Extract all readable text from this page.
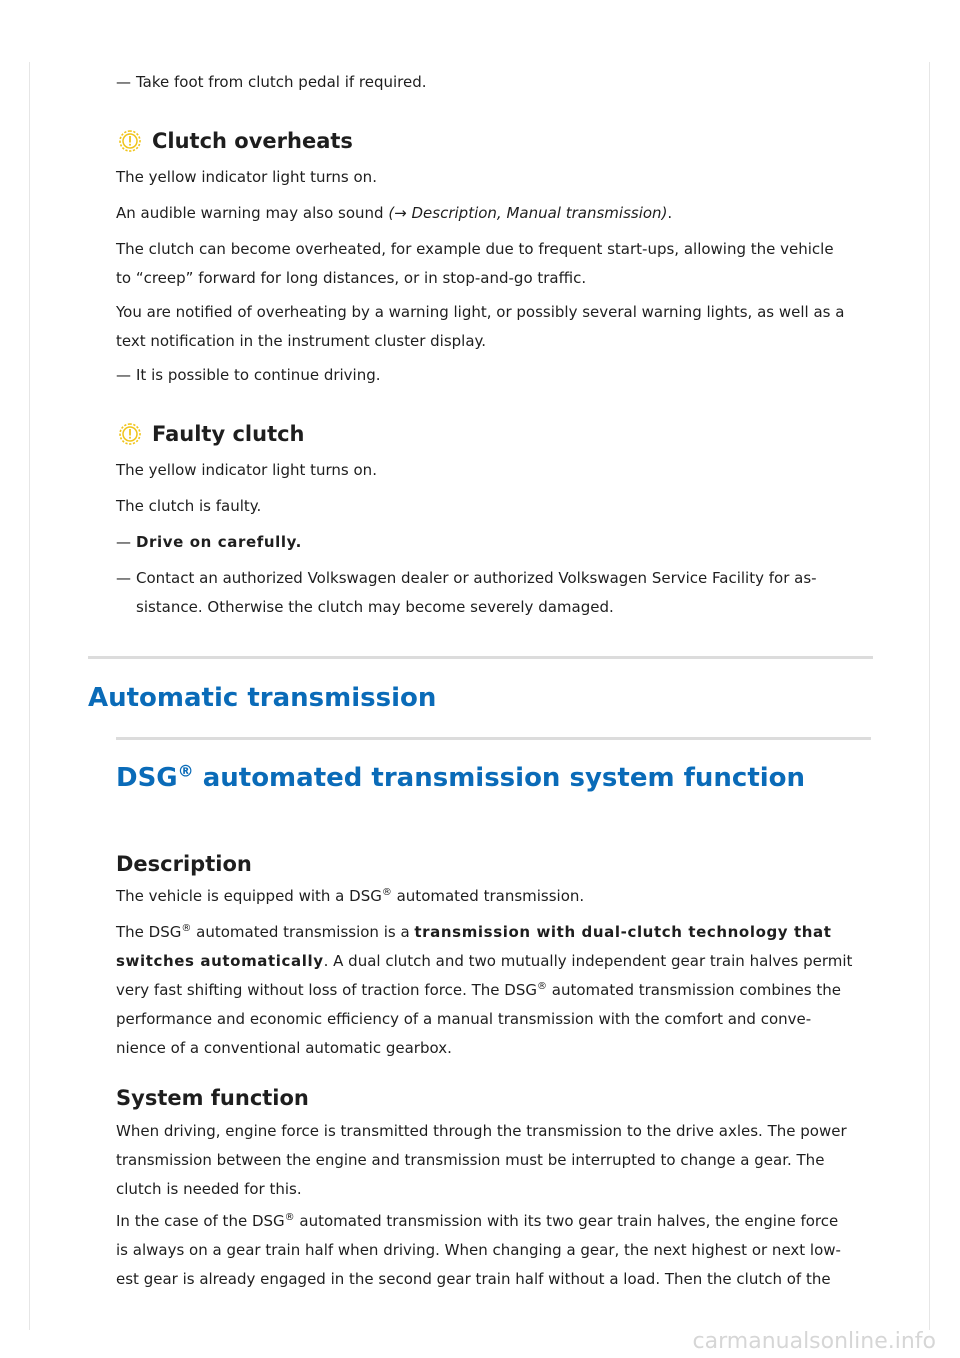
— Take foot from clutch pedal if required.

Clutch overheats

The yellow indicator light turns on.

An audible warning may also sound (→ Description, Manual transmission).

The clutch can become overheated, for example due to frequent start-ups, allowing the vehicle

to “creep” forward for long distances, or in stop-and-go traffic.

You are notified of overheating by a warning light, or possibly several warning lights, as well as a

text notification in the instrument cluster display.

— It is possible to continue driving.

Faulty clutch

The yellow indicator light turns on.

The clutch is faulty.

— Drive on carefully.

— Contact an authorized Volkswagen dealer or authorized Volkswagen Service Facility for as-

sistance. Otherwise the clutch may become severely damaged.

Automatic transmission
DSG® automated transmission system function
Description

The vehicle is equipped with a DSG® automated transmission.

The DSG® automated transmission is a transmission with dual-clutch technology that

switches automatically. A dual clutch and two mutually independent gear train halves permit

very fast shifting without loss of traction force. The DSG® automated transmission combines the

performance and economic efficiency of a manual transmission with the comfort and conve-

nience of a conventional automatic gearbox.

System function

When driving, engine force is transmitted through the transmission to the drive axles. The power

transmission between the engine and transmission must be interrupted to change a gear. The

clutch is needed for this.

In the case of the DSG® automated transmission with its two gear train halves, the engine force

is always on a gear train half when driving. When changing a gear, the next highest or next low-

est gear is already engaged in the second gear train half without a load. Then the clutch of the

carmanualsonline.info
